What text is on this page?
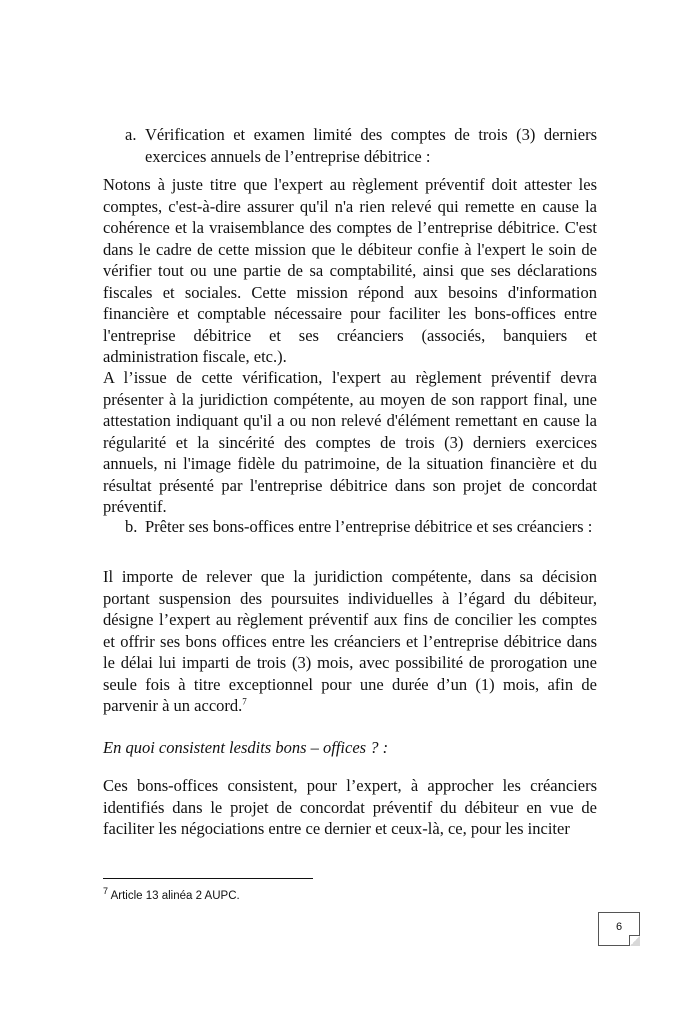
a. Vérification et examen limité des comptes de trois (3) derniers exercices annuels de l’entreprise débitrice :

Notons à juste titre que l'expert au règlement préventif doit attester les comptes, c'est-à-dire assurer qu'il n'a rien relevé qui remette en cause la cohérence et la vraisemblance des comptes de l’entreprise débitrice. C'est dans le cadre de cette mission que le débiteur confie à l'expert le soin de vérifier tout ou une partie de sa comptabilité, ainsi que ses déclarations fiscales et sociales. Cette mission répond aux besoins d'information financière et comptable nécessaire pour faciliter les bons-offices entre l'entreprise débitrice et ses créanciers (associés, banquiers et administration fiscale, etc.).

A l’issue de cette vérification, l'expert au règlement préventif devra présenter à la juridiction compétente, au moyen de son rapport final, une attestation indiquant qu'il a ou non relevé d'élément remettant en cause la régularité et la sincérité des comptes de trois (3) derniers exercices annuels, ni l'image fidèle du patrimoine, de la situation financière et du résultat présenté par l'entreprise débitrice dans son projet de concordat préventif.

b. Prêter ses bons-offices entre l’entreprise débitrice et ses créanciers :

Il importe de relever que la juridiction compétente, dans sa décision portant suspension des poursuites individuelles à l’égard du débiteur, désigne l’expert au règlement préventif aux fins de concilier les comptes et offrir ses bons offices entre les créanciers et l’entreprise débitrice dans le délai lui imparti de trois (3) mois, avec possibilité de prorogation une seule fois à titre exceptionnel pour une durée d’un (1) mois, afin de parvenir à un accord.$^7$

En quoi consistent lesdits bons – offices ? :

Ces bons-offices consistent, pour l’expert, à approcher les créanciers identifiés dans le projet de concordat préventif du débiteur en vue de faciliter les négociations entre ce dernier et ceux-là, ce, pour les inciter

$^7$ Article 13 alinéa 2 AUPC.
6
